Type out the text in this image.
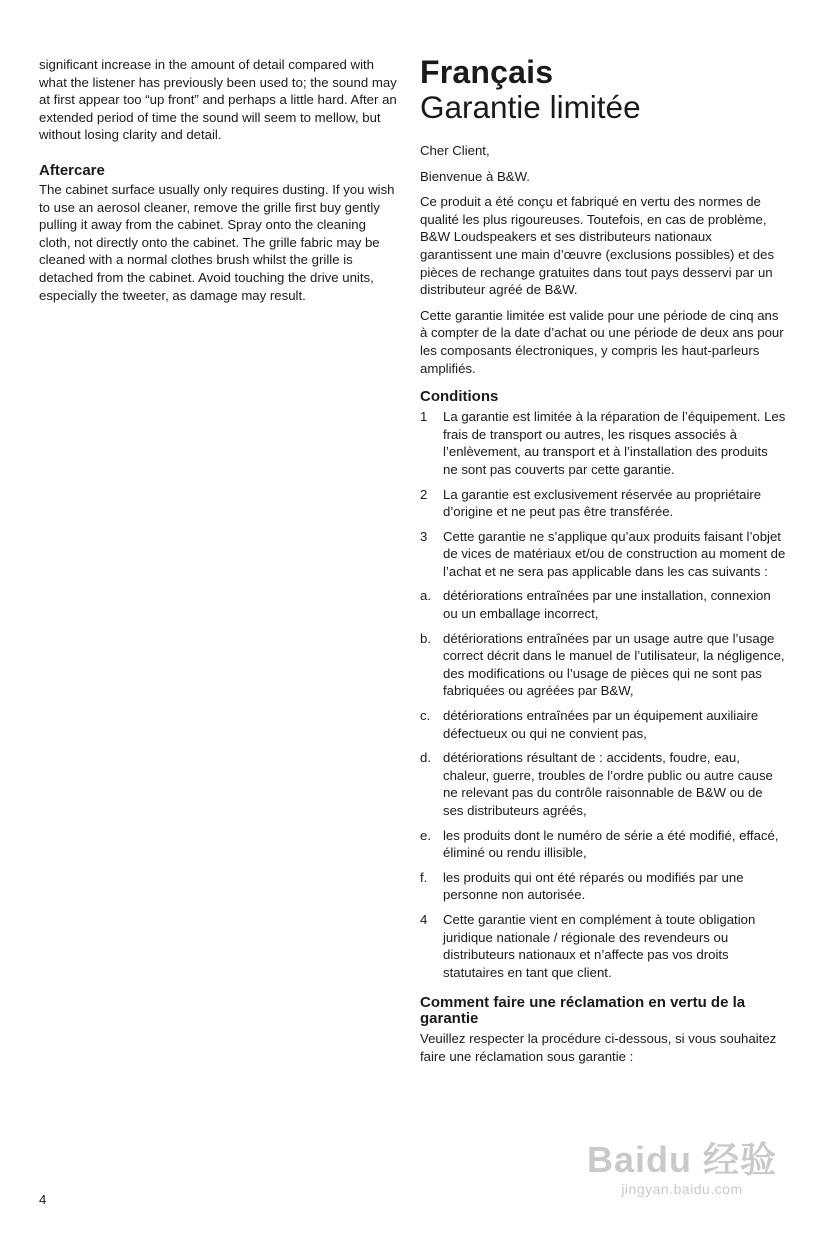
significant increase in the amount of detail compared with what the listener has previously been used to; the sound may at first appear too “up front” and perhaps a little hard. After an extended period of time the sound will seem to mellow, but without losing clarity and detail.

Aftercare

The cabinet surface usually only requires dusting. If you wish to use an aerosol cleaner, remove the grille first buy gently pulling it away from the cabinet. Spray onto the cleaning cloth, not directly onto the cabinet. The grille fabric may be cleaned with a normal clothes brush whilst the grille is detached from the cabinet. Avoid touching the drive units, especially the tweeter, as damage may result.

Français
Garantie limitée

Cher Client,

Bienvenue à B&W.

Ce produit a été conçu et fabriqué en vertu des normes de qualité les plus rigoureuses. Toutefois, en cas de problème, B&W Loudspeakers et ses distributeurs nationaux garantissent une main d’œuvre (exclusions possibles) et des pièces de rechange gratuites dans tout pays desservi par un distributeur agréé de B&W.

Cette garantie limitée est valide pour une période de cinq ans à compter de la date d’achat ou une période de deux ans pour les composants électroniques, y compris les haut-parleurs amplifiés.

Conditions
1	La garantie est limitée à la réparation de l’équipement. Les frais de transport ou autres, les risques associés à l’enlèvement, au transport et à l’installation des produits ne sont pas couverts par cette garantie.
2	La garantie est exclusivement réservée au propriétaire d’origine et ne peut pas être transférée.
3	Cette garantie ne s’applique qu’aux produits faisant l’objet de vices de matériaux et/ou de construction au moment de l’achat et ne sera pas applicable dans les cas suivants :
a. détériorations entraînées par une installation, connexion ou un emballage incorrect,
b. détériorations entraînées par un usage autre que l’usage correct décrit dans le manuel de l’utilisateur, la négligence, des modifications ou l’usage de pièces qui ne sont pas fabriquées ou agréées par B&W,
c. détériorations entraînées par un équipement auxiliaire défectueux ou qui ne convient pas,
d. détériorations résultant de : accidents, foudre, eau, chaleur, guerre, troubles de l’ordre public ou autre cause ne relevant pas du contrôle raisonnable de B&W ou de ses distributeurs agréés,
e. les produits dont le numéro de série a été modifié, effacé, éliminé ou rendu illisible,
f.	les produits qui ont été réparés ou modifiés par une personne non autorisée.
4	Cette garantie vient en complément à toute obligation juridique nationale / régionale des revendeurs ou distributeurs nationaux et n’affecte pas vos droits statutaires en tant que client.
Comment faire une réclamation en vertu de la garantie

Veuillez respecter la procédure ci-dessous, si vous souhaitez faire une réclamation sous garantie :

4
Baidu 经验
jingyan.baidu.com
